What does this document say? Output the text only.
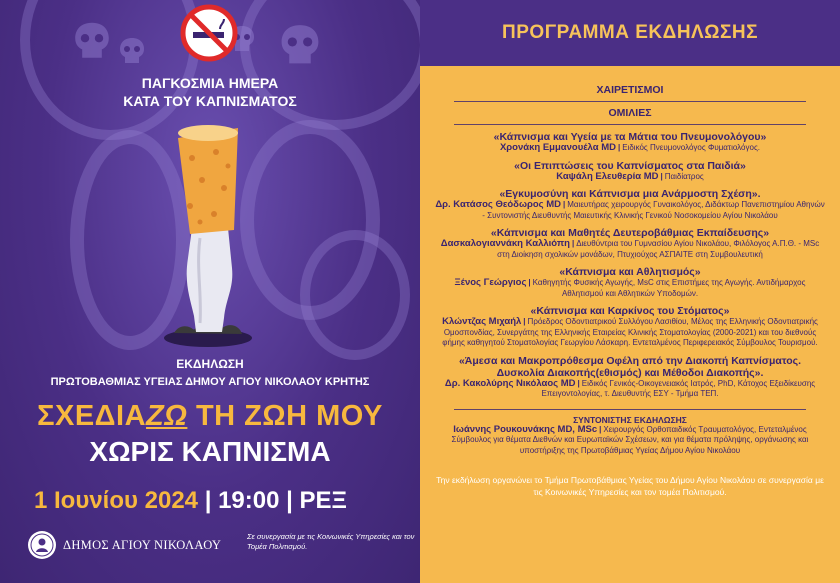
ΠΑΓΚΟΣΜΙΑ ΗΜΕΡΑ
ΚΑΤΑ ΤΟΥ ΚΑΠΝΙΣΜΑΤΟΣ
ΕΚΔΗΛΩΣΗ
ΠΡΩΤΟΒΑΘΜΙΑΣ ΥΓΕΙΑΣ ΔΗΜΟΥ ΑΓΙΟΥ ΝΙΚΟΛΑΟΥ ΚΡΗΤΗΣ
ΣΧΕΔΙΑΖΩ ΤΗ ΖΩΗ ΜΟΥ
ΧΩΡΙΣ ΚΑΠΝΙΣΜΑ
1 Ιουνίου 2024 | 19:00 | ΡΕΞ
ΔΗΜΟΣ ΑΓΙΟΥ ΝΙΚΟΛΑΟΥ
Σε συνεργασία με τις Κοινωνικές Υπηρεσίες και τον Τομέα Πολιτισμού.
ΠΡΟΓΡΑΜΜΑ ΕΚΔΗΛΩΣΗΣ
ΧΑΙΡΕΤΙΣΜΟΙ
ΟΜΙΛΙΕΣ
«Κάπνισμα και Υγεία με τα Μάτια του Πνευμονολόγου»
Χρονάκη Εμμανουέλα MD | Ειδικός Πνευμονολόγος Φυματιολόγος.
«Οι Επιπτώσεις του Καπνίσματος στα Παιδιά»
Καψάλη Ελευθερία MD | Παιδίατρος
«Εγκυμοσύνη και Κάπνισμα μια Ανάρμοστη Σχέση».
Δρ. Κατάσος Θεόδωρος MD | Μαιευτήρας χειρουργός Γυναικολόγος, Διδάκτωρ Πανεπιστημίου Αθηνών - Συντονιστής Διευθυντής Μαιευτικής Κλινικής Γενικού Νοσοκομείου Αγίου Νικολάου
«Κάπνισμα και Μαθητές Δευτεροβάθμιας Εκπαίδευσης»
Δασκαλογιαννάκη Καλλιόπη | Διευθύντρια του Γυμνασίου Αγίου Νικολάου, Φιλόλογος Α.Π.Θ. - MSc στη Διοίκηση σχολικών μονάδων, Πτυχιούχος ΑΣΠΑΙΤΕ στη Συμβουλευτική
«Κάπνισμα και Αθλητισμός»
Ξένος Γεώργιος | Καθηγητής Φυσικής Αγωγής, MsC στις Επιστήμες της Αγωγής. Αντιδήμαρχος Αθλητισμού και Αθλητικών Υποδομών.
«Κάπνισμα και Καρκίνος του Στόματος»
Κλώντζας Μιχαήλ | Πρόεδρος Οδοντιατρικού Συλλόγου Λασιθίου, Μέλος της Ελληνικής Οδοντιατρικής Ομοσπονδίας, Συνεργάτης της Ελληνικής Εταιρείας Κλινικής Στοματολογίας (2000-2021) και του διεθνούς φήμης καθηγητού Στοματολογίας Γεωργίου Λάσκαρη. Εντεταλμένος Περιφερειακός Σύμβουλος Τουρισμού.
«Άμεσα και Μακροπρόθεσμα Οφέλη από την Διακοπή Καπνίσματος. Δυσκολία Διακοπής(εθισμός) και Μέθοδοι Διακοπής».
Δρ. Κακολύρης Νικόλαος MD | Ειδικός Γενικός-Οικογενειακός Ιατρός, PhD, Κάτοχος Εξειδίκευσης Επειγοντολογίας, τ. Διευθυντής ΕΣΥ - Τμήμα ΤΕΠ.
ΣΥΝΤΟΝΙΣΤΗΣ ΕΚΔΗΛΩΣΗΣ
Ιωάννης Ρουκουνάκης MD, MSc | Χειρουργός Ορθοπαιδικός Τραυματολόγος, Εντεταλμένος Σύμβουλος για θέματα Διεθνών και Ευρωπαϊκών Σχέσεων, και για θέματα πρόληψης, οργάνωσης και υποστήριξης της Πρωτοβάθμιας Υγείας Δήμου Αγίου Νικολάου
Την εκδήλωση οργανώνει το Τμήμα Πρωτοβάθμιας Υγείας του Δήμου Αγίου Νικολάου σε συνεργασία με τις Κοινωνικές Υπηρεσίες και τον τομέα Πολιτισμού.
